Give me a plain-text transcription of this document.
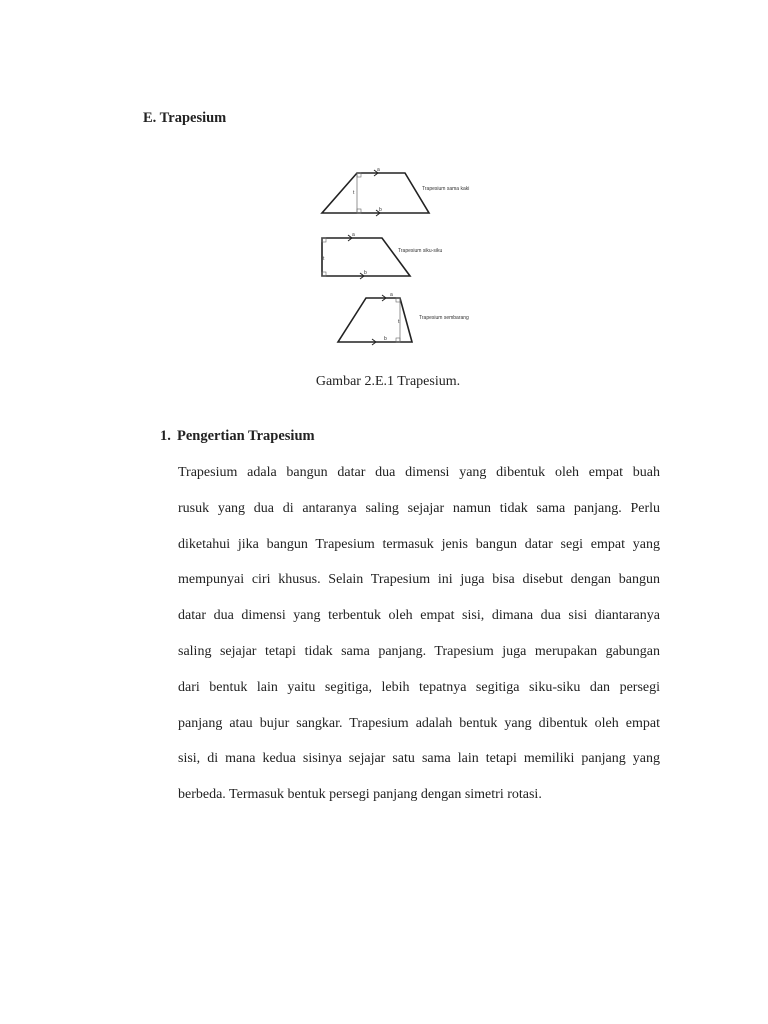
E. Trapesium
a
b
t
Trapesium sama kaki
a
b
t
Trapesium siku-siku
a
b
t
Trapesium sembarang
Gambar 2.E.1 Trapesium.
1. Pengertian Trapesium
Trapesium adala bangun datar dua dimensi yang dibentuk oleh empat buah
rusuk yang dua di antaranya saling sejajar namun tidak sama panjang. Perlu
diketahui jika bangun Trapesium termasuk jenis bangun datar segi empat yang
mempunyai ciri khusus. Selain Trapesium ini juga bisa disebut dengan bangun
datar dua dimensi yang terbentuk oleh empat sisi, dimana dua sisi diantaranya
saling sejajar tetapi tidak sama panjang. Trapesium juga merupakan gabungan
dari bentuk lain yaitu segitiga, lebih tepatnya segitiga siku-siku dan persegi
panjang atau bujur sangkar. Trapesium adalah bentuk yang dibentuk oleh empat
sisi, di mana kedua sisinya sejajar satu sama lain tetapi memiliki panjang yang
berbeda. Termasuk bentuk persegi panjang dengan simetri rotasi.
